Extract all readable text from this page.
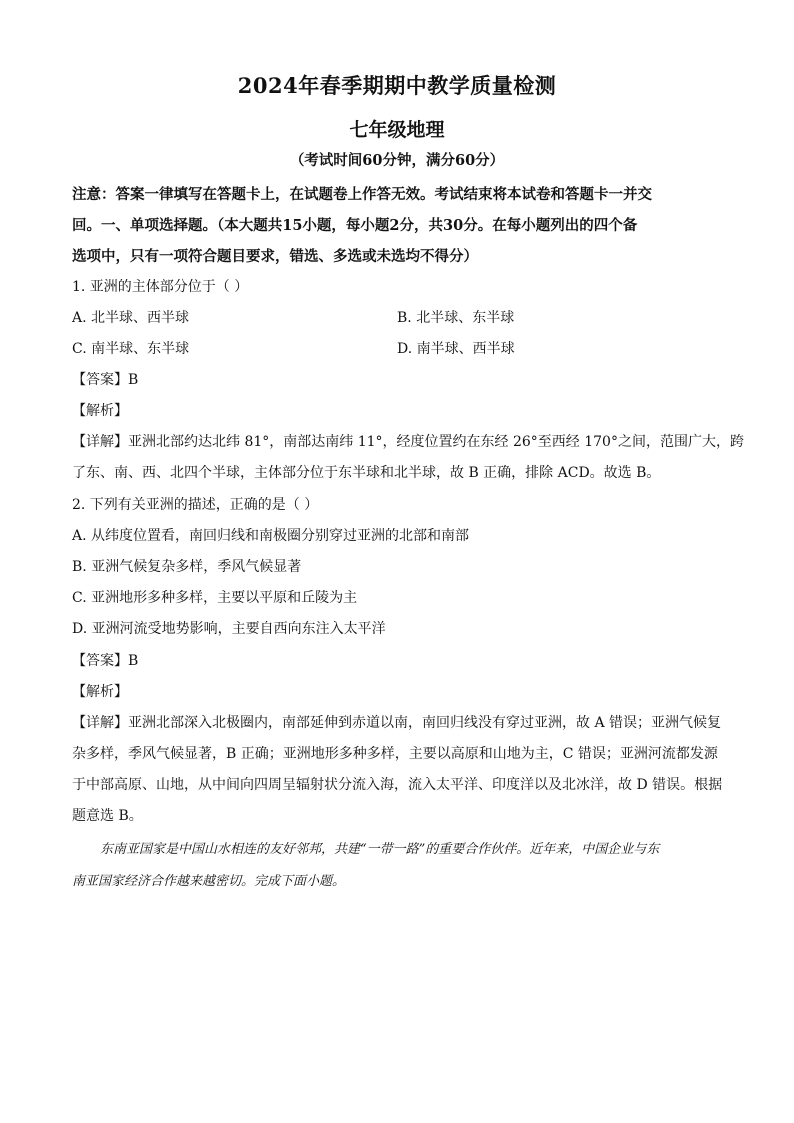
2024年春季期期中教学质量检测
七年级地理
（考试时间60分钟，满分60分）
注意：答案一律填写在答题卡上，在试题卷上作答无效。考试结束将本试卷和答题卡一并交
回。一、单项选择题。（本大题共15小题，每小题2分，共30分。在每小题列出的四个备
选项中，只有一项符合题目要求，错选、多选或未选均不得分）
1. 亚洲的主体部分位于（ ）
A. 北半球、西半球	B. 北半球、东半球
C. 南半球、东半球	D. 南半球、西半球
【答案】B
【解析】
【详解】亚洲北部约达北纬 81°，南部达南纬 11°，经度位置约在东经 26°至西经 170°之间，范围广大，跨
了东、南、西、北四个半球，主体部分位于东半球和北半球，故 B 正确，排除 ACD。故选 B。
2. 下列有关亚洲的描述，正确的是（ ）
A. 从纬度位置看，南回归线和南极圈分别穿过亚洲的北部和南部
B. 亚洲气候复杂多样，季风气候显著
C. 亚洲地形多种多样，主要以平原和丘陵为主
D. 亚洲河流受地势影响，主要自西向东注入太平洋
【答案】B
【解析】
【详解】亚洲北部深入北极圈内，南部延伸到赤道以南，南回归线没有穿过亚洲，故 A 错误；亚洲气候复
杂多样，季风气候显著，B 正确；亚洲地形多种多样，主要以高原和山地为主，C 错误；亚洲河流都发源
于中部高原、山地，从中间向四周呈辐射状分流入海，流入太平洋、印度洋以及北冰洋，故 D 错误。根据
题意选 B。
东南亚国家是中国山水相连的友好邻邦，共建“一带一路”的重要合作伙伴。近年来，中国企业与东
南亚国家经济合作越来越密切。完成下面小题。
